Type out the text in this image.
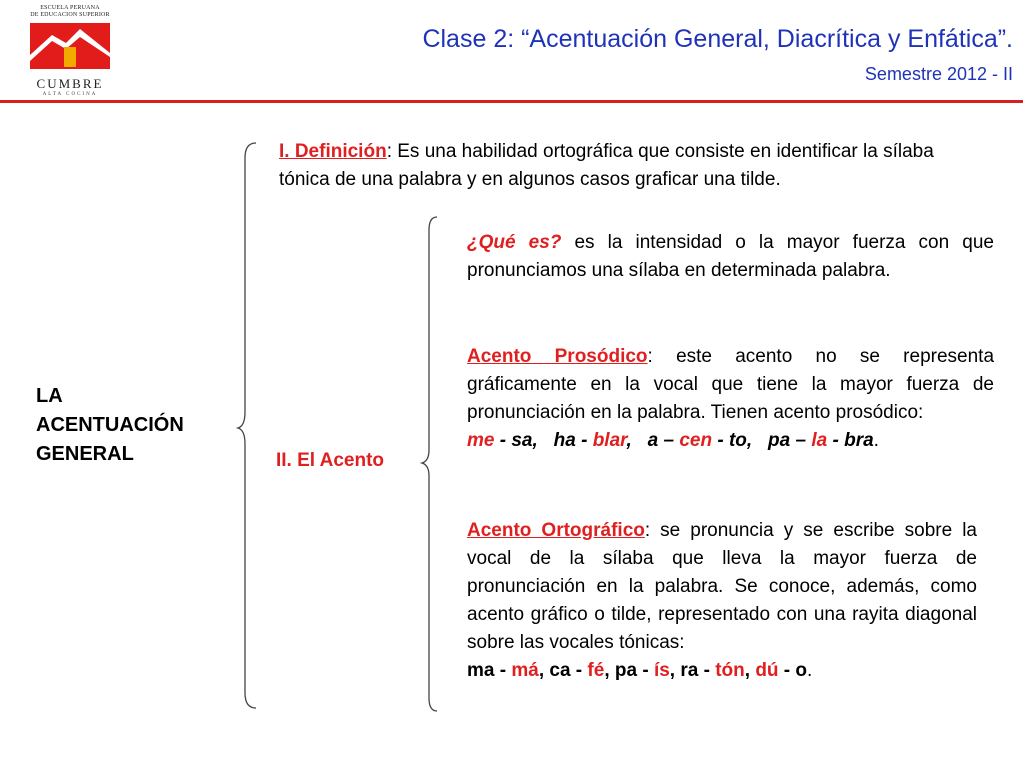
ESCUELA PERUANA
DE EDUCACION SUPERIOR
CUMBRE
ALTA COCINA
Clase 2: “Acentuación General, Diacrítica y Enfática”.
Semestre 2012 - II
LA
ACENTUACIÓN
GENERAL
I. Definición: Es una habilidad ortográfica que consiste en identificar la sílaba tónica de una palabra y en algunos casos graficar una tilde.
II. El Acento
¿Qué es? es la intensidad o la mayor fuerza con que pronunciamos una sílaba en determinada palabra.
Acento Prosódico: este acento no se representa gráficamente en la vocal que tiene la mayor fuerza de pronunciación en la palabra. Tienen acento prosódico:
me - sa, ha - blar, a – cen - to, pa – la - bra.
Acento Ortográfico: se pronuncia y se escribe sobre la vocal de la sílaba que lleva la mayor fuerza de pronunciación en la palabra. Se conoce, además, como acento gráfico o tilde, representado con una rayita diagonal sobre las vocales tónicas:
ma - má, ca - fé, pa - ís, ra - tón, dú - o.
